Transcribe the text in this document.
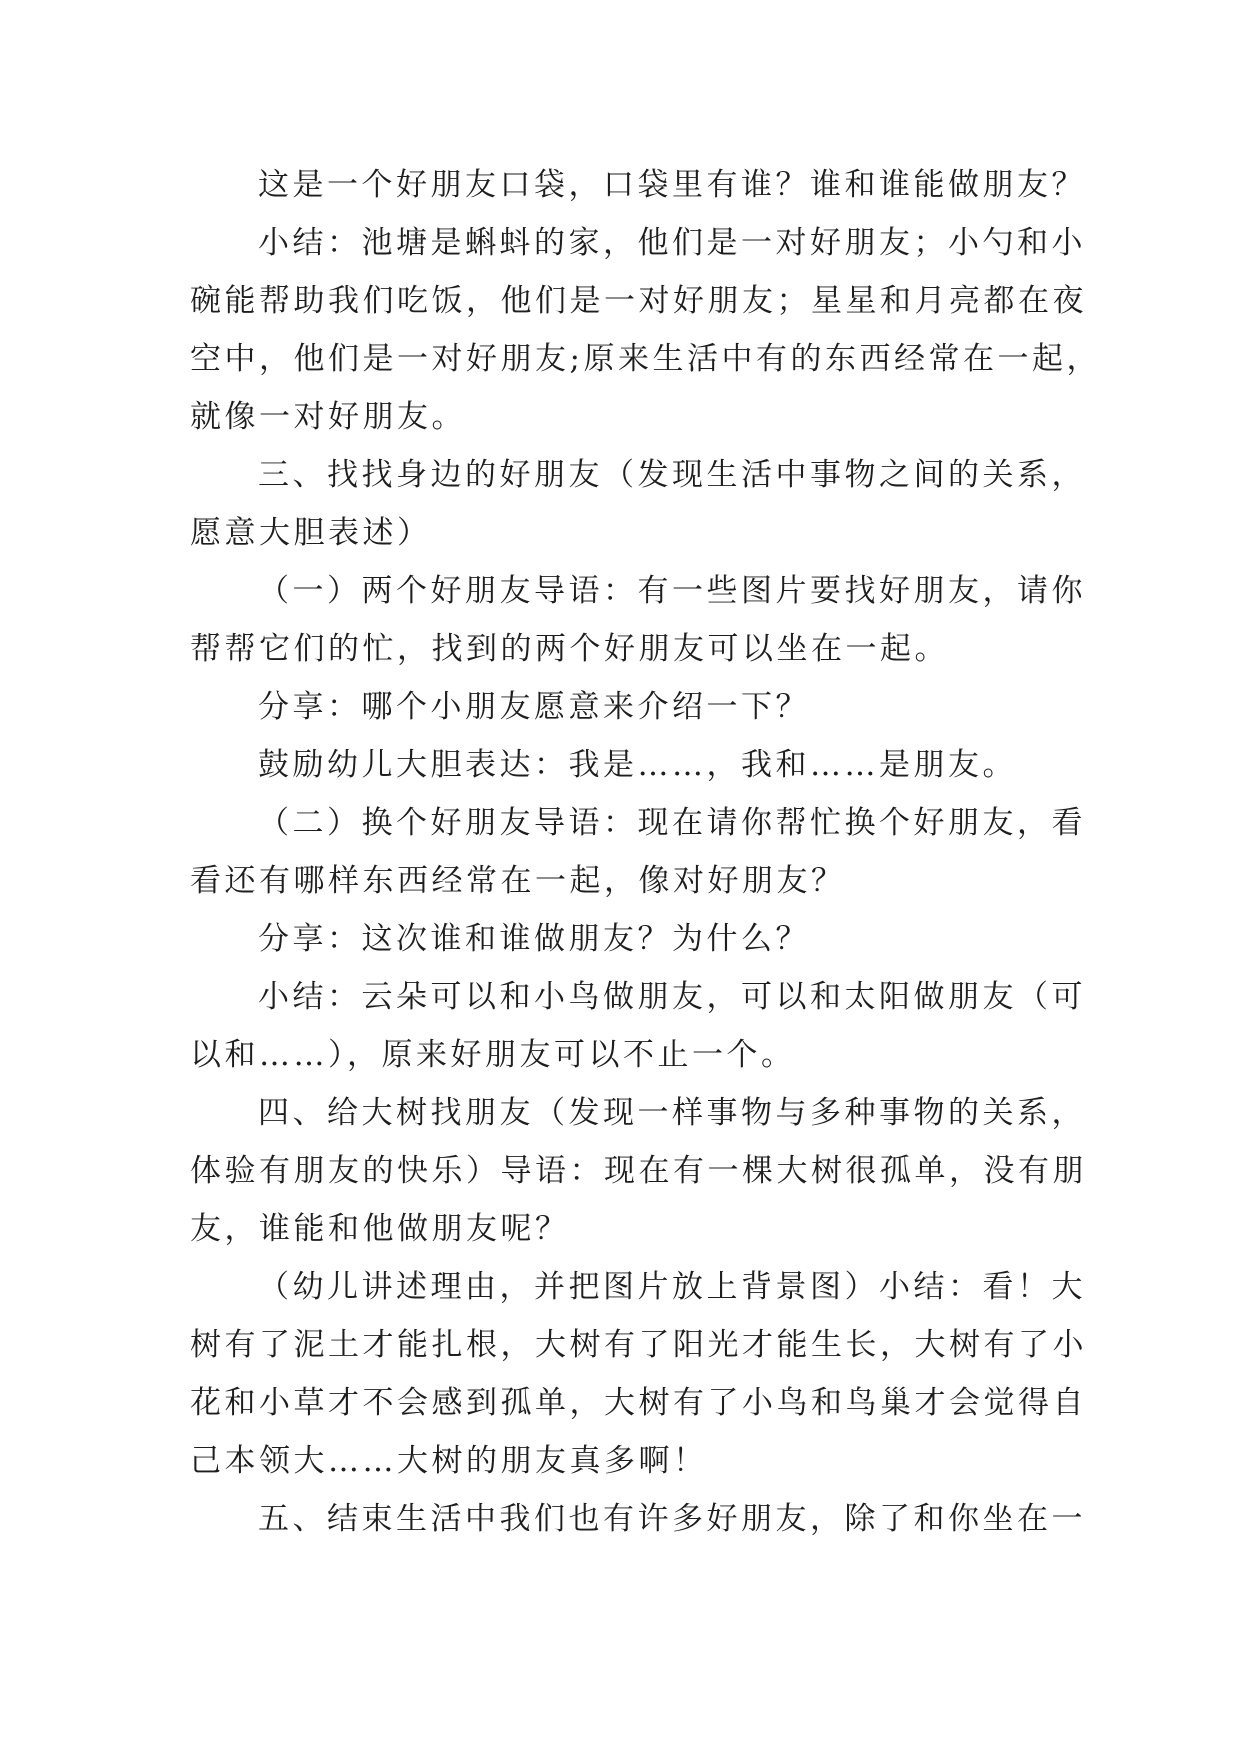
这是一个好朋友口袋，口袋里有谁？谁和谁能做朋友？
小结：池塘是蝌蚪的家，他们是一对好朋友；小勺和小
碗能帮助我们吃饭，他们是一对好朋友；星星和月亮都在夜
空中，他们是一对好朋友;原来生活中有的东西经常在一起，
就像一对好朋友。
三、找找身边的好朋友（发现生活中事物之间的关系，
愿意大胆表述）
（一）两个好朋友导语：有一些图片要找好朋友，请你
帮帮它们的忙，找到的两个好朋友可以坐在一起。
分享：哪个小朋友愿意来介绍一下？
鼓励幼儿大胆表达：我是……，我和……是朋友。
（二）换个好朋友导语：现在请你帮忙换个好朋友，看
看还有哪样东西经常在一起，像对好朋友？
分享：这次谁和谁做朋友？为什么？
小结：云朵可以和小鸟做朋友，可以和太阳做朋友（可
以和……），原来好朋友可以不止一个。
四、给大树找朋友（发现一样事物与多种事物的关系，
体验有朋友的快乐）导语：现在有一棵大树很孤单，没有朋
友，谁能和他做朋友呢？
（幼儿讲述理由，并把图片放上背景图）小结：看！大
树有了泥土才能扎根，大树有了阳光才能生长，大树有了小
花和小草才不会感到孤单，大树有了小鸟和鸟巢才会觉得自
己本领大……大树的朋友真多啊！
五、结束生活中我们也有许多好朋友，除了和你坐在一
